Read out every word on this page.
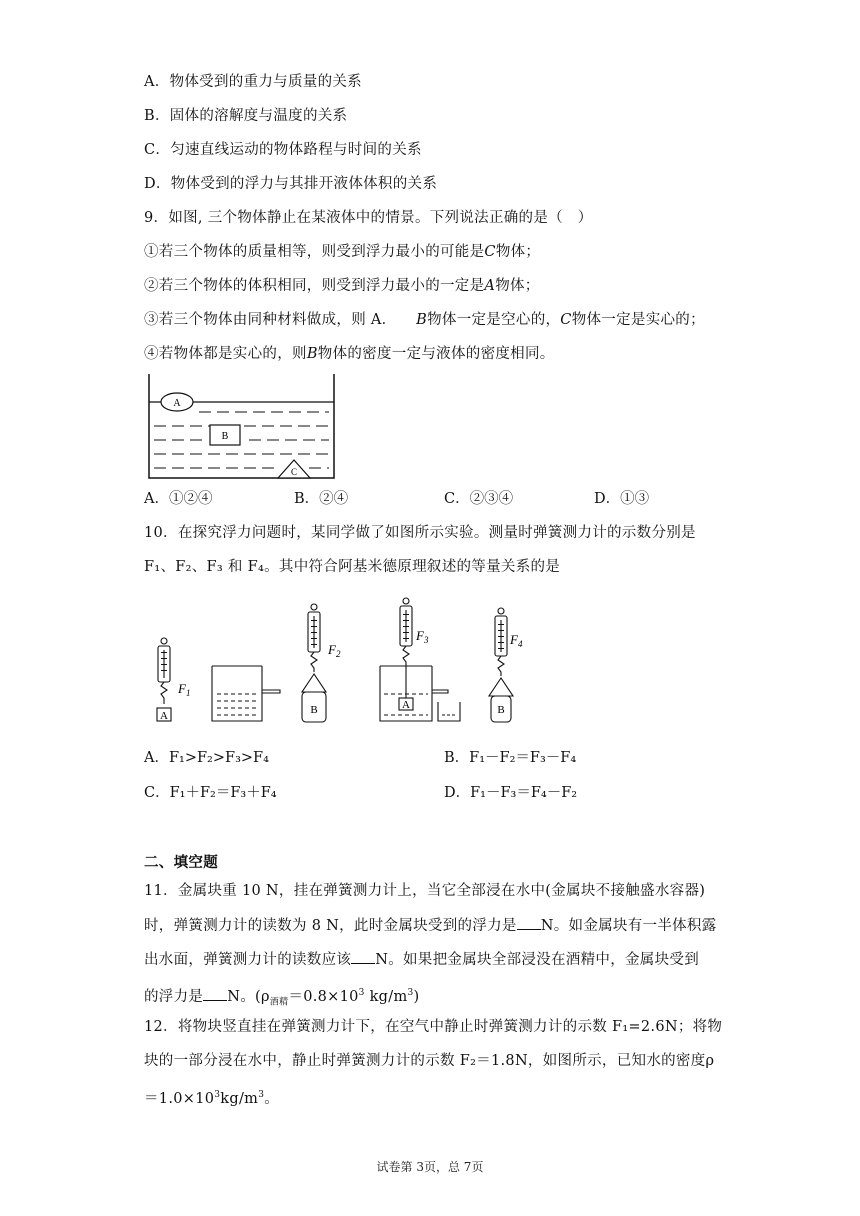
A．物体受到的重力与质量的关系
B．固体的溶解度与温度的关系
C．匀速直线运动的物体路程与时间的关系
D．物体受到的浮力与其排开液体体积的关系
9．如图, 三个物体静止在某液体中的情景。下列说法正确的是（　）
①若三个物体的质量相等，则受到浮力最小的可能是C物体；
②若三个物体的体积相同，则受到浮力最小的一定是A物体；
③若三个物体由同种材料做成，则 A． B物体一定是空心的，C物体一定是实心的；
④若物体都是实心的，则B物体的密度一定与液体的密度相同。
A
B
C
A．①②④	B．②④	C．②③④	D．①③
10．在探究浮力问题时，某同学做了如图所示实验。测量时弹簧测力计的示数分别是
F₁、F₂、F₃ 和 F₄。其中符合阿基米德原理叙述的等量关系的是
$F_1$
$F_2$
$F_3$	$F_4$
A	B	A	B
A．F₁>F₂>F₃>F₄	B．F₁－F₂＝F₃－F₄
C．F₁＋F₂＝F₃＋F₄	D．F₁－F₃＝F₄－F₂
二、填空题
11．金属块重 10 N，挂在弹簧测力计上，当它全部浸在水中(金属块不接触盛水容器)
时，弹簧测力计的读数为 8 N，此时金属块受到的浮力是 N。如金属块有一半体积露
出水面，弹簧测力计的读数应该 N。如果把金属块全部浸没在酒精中，金属块受到
的浮力是 N。($\rho_{酒精}=0.8\times 10^3$ $kg/m^3$)
12．将物块竖直挂在弹簧测力计下，在空气中静止时弹簧测力计的示数 F₁=2.6N；将物
块的一部分浸在水中，静止时弹簧测力计的示数 F₂＝1.8N，如图所示，已知水的密度ρ
$=1.0\times 10^3kg/m^3$。
试卷第 3页，总 7页
